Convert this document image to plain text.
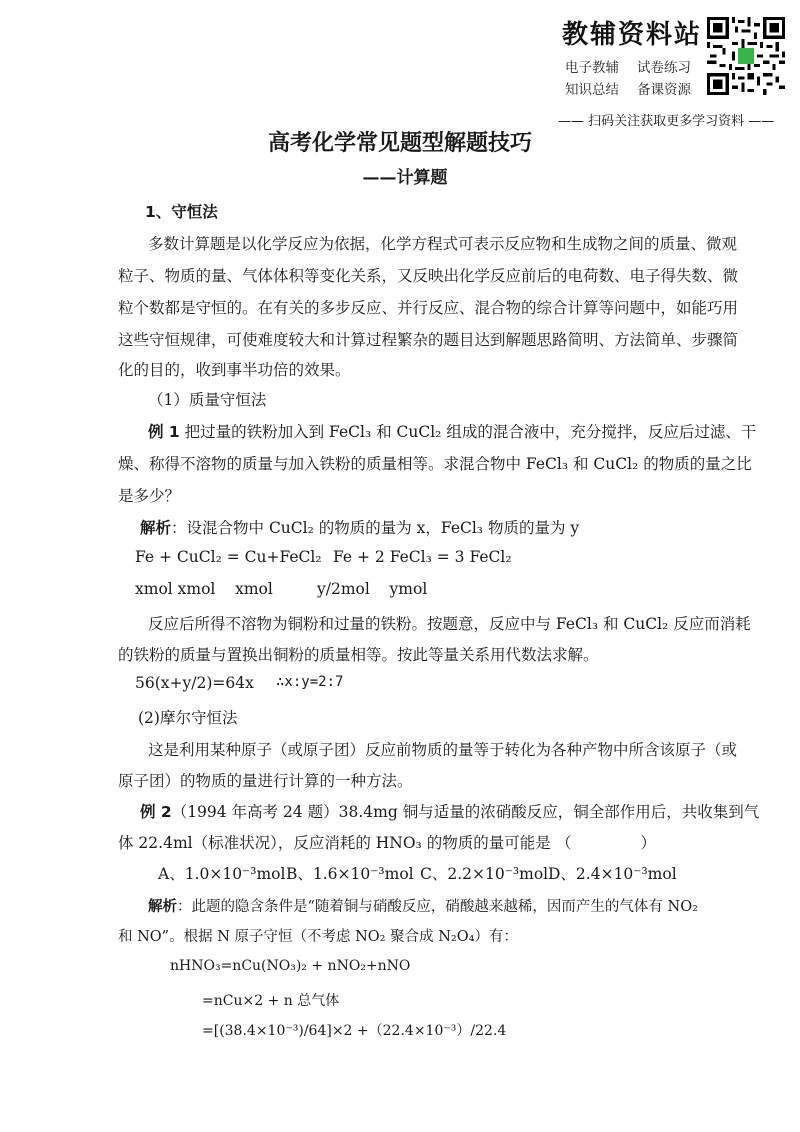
教辅资料站
电子教辅 试卷练习
知识总结 备课资源
—— 扫码关注获取更多学习资料 ——
高考化学常见题型解题技巧
——计算题
1、守恒法
多数计算题是以化学反应为依据，化学方程式可表示反应物和生成物之间的质量、微观
粒子、物质的量、气体体积等变化关系，又反映出化学反应前后的电荷数、电子得失数、微
粒个数都是守恒的。在有关的多步反应、并行反应、混合物的综合计算等问题中，如能巧用
这些守恒规律，可使难度较大和计算过程繁杂的题目达到解题思路简明、方法简单、步骤简
化的目的，收到事半功倍的效果。
（1）质量守恒法
例 1 把过量的铁粉加入到 FeCl₃ 和 CuCl₂ 组成的混合液中，充分搅拌，反应后过滤、干
燥、称得不溶物的质量与加入铁粉的质量相等。求混合物中 FeCl₃ 和 CuCl₂ 的物质的量之比
是多少？
解析：设混合物中 CuCl₂ 的物质的量为 x，FeCl₃ 物质的量为 y
Fe + CuCl₂ = Cu+FeCl₂ Fe + 2 FeCl₃ = 3 FeCl₂
xmol xmol    xmol	y/2mol    ymol
反应后所得不溶物为铜粉和过量的铁粉。按题意，反应中与 FeCl₃ 和 CuCl₂ 反应而消耗
的铁粉的质量与置换出铜粉的质量相等。按此等量关系用代数法求解。
56(x+y/2)=64x ∴x:y=2:7
(2)摩尔守恒法
这是利用某种原子（或原子团）反应前物质的量等于转化为各种产物中所含该原子（或
原子团）的物质的量进行计算的一种方法。
例 2（1994 年高考 24 题）38.4mg 铜与适量的浓硝酸反应，铜全部作用后，共收集到气
体 22.4ml（标准状况），反应消耗的 HNO₃ 的物质的量可能是 （              ）
A、1.0×10⁻³mol B、1.6×10⁻³mol C、2.2×10⁻³mol D、2.4×10⁻³mol
解析：此题的隐含条件是“随着铜与硝酸反应，硝酸越来越稀，因而产生的气体有 NO₂
和 NO”。根据 N 原子守恒（不考虑 NO₂ 聚合成 N₂O₄）有：
nHNO₃=nCu(NO₃)₂ + nNO₂+nNO
=nCu×2 + n 总气体
=[(38.4×10⁻³)/64]×2 +（22.4×10⁻³）/22.4
